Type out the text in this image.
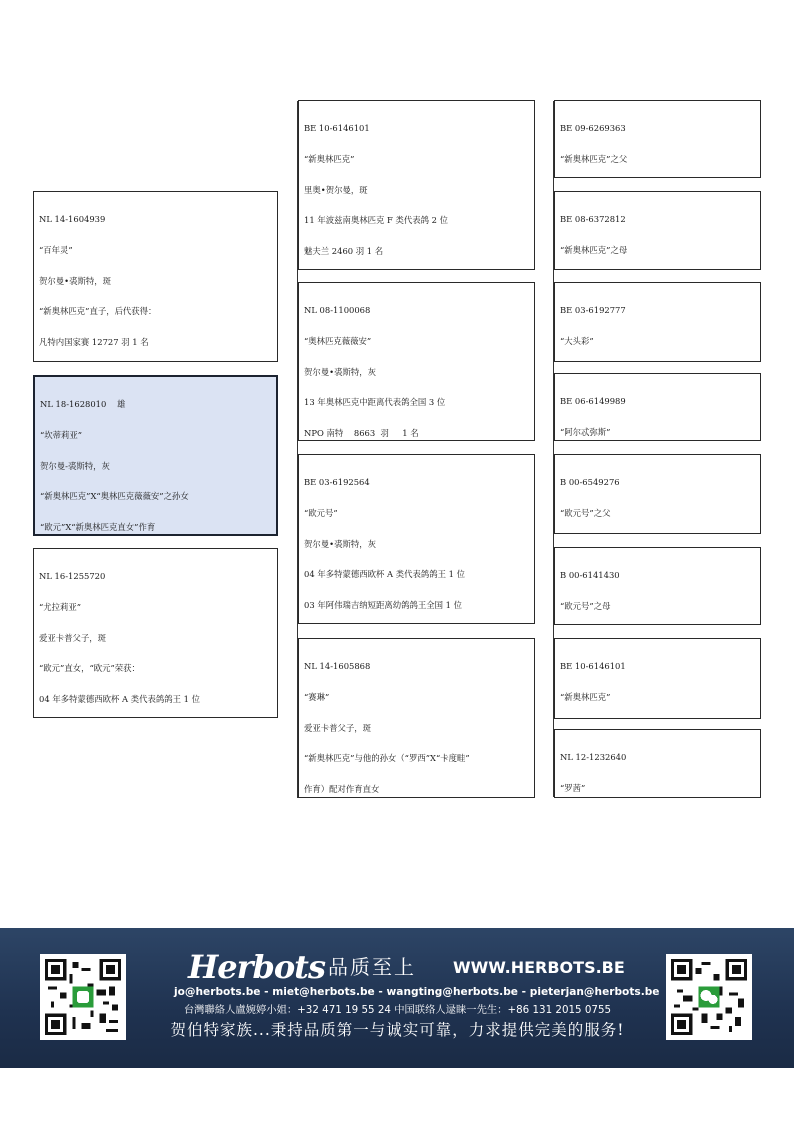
NL 14-1604939

“百年灵”

贺尔曼•裘斯特，斑

“新奥林匹克”直子，后代获得：

凡特内国家赛 12727 羽 1 名

NL 18-1628010    雄

“坎蒂莉亚”

贺尔曼-裘斯特，灰

“新奥林匹克”X“奥林匹克薇薇安”之孙女

“欧元”X“新奥林匹克直女”作育

NL 16-1255720

“尤拉莉亚”

爱亚卡普父子，斑

“欧元”直女，“欧元”荣获：

04 年多特蒙德西欧杯 A 类代表鸽鸽王 1 位

BE 10-6146101

“新奥林匹克”

里奥•贺尔曼，斑

11 年波兹南奥林匹克 F 类代表鸽 2 位

魅夫兰 2460 羽 1 名

NL 08-1100068

“奥林匹克薇薇安”

贺尔曼•裘斯特，灰

13 年奥林匹克中距离代表鸽全国 3 位

NPO 南特    8663  羽     1 名

BE 03-6192564

“欧元号”

贺尔曼•裘斯特，灰

04 年多特蒙德西欧杯 A 类代表鸽鸽王 1 位

03 年阿伟瑞吉纳短距离幼鸽鸽王全国 1 位

NL 14-1605868

“赛琳”

爱亚卡普父子，斑

“新奥林匹克”与他的孙女（“罗西”X“卡度畦”

作育）配对作育直女

BE 09-6269363

“新奥林匹克”之父

BE 08-6372812

“新奥林匹克”之母

BE 03-6192777

“大头彩”

BE 06-6149989

“阿尔忒弥斯”

B 00-6549276

“欧元号”之父

B 00-6141430

“欧元号”之母

BE 10-6146101

“新奥林匹克”

NL 12-1232640

“罗茜”

Herbots 品质至上 WWW.HERBOTS.BE
jo@herbots.be - miet@herbots.be - wangting@herbots.be - pieterjan@herbots.be
台灣聯絡人盧婉婷小姐：+32 471 19 55 24 中国联络人逯睐一先生：+86 131 2015 0755
贺伯特家族...秉持品质第一与诚实可靠，力求提供完美的服务!
